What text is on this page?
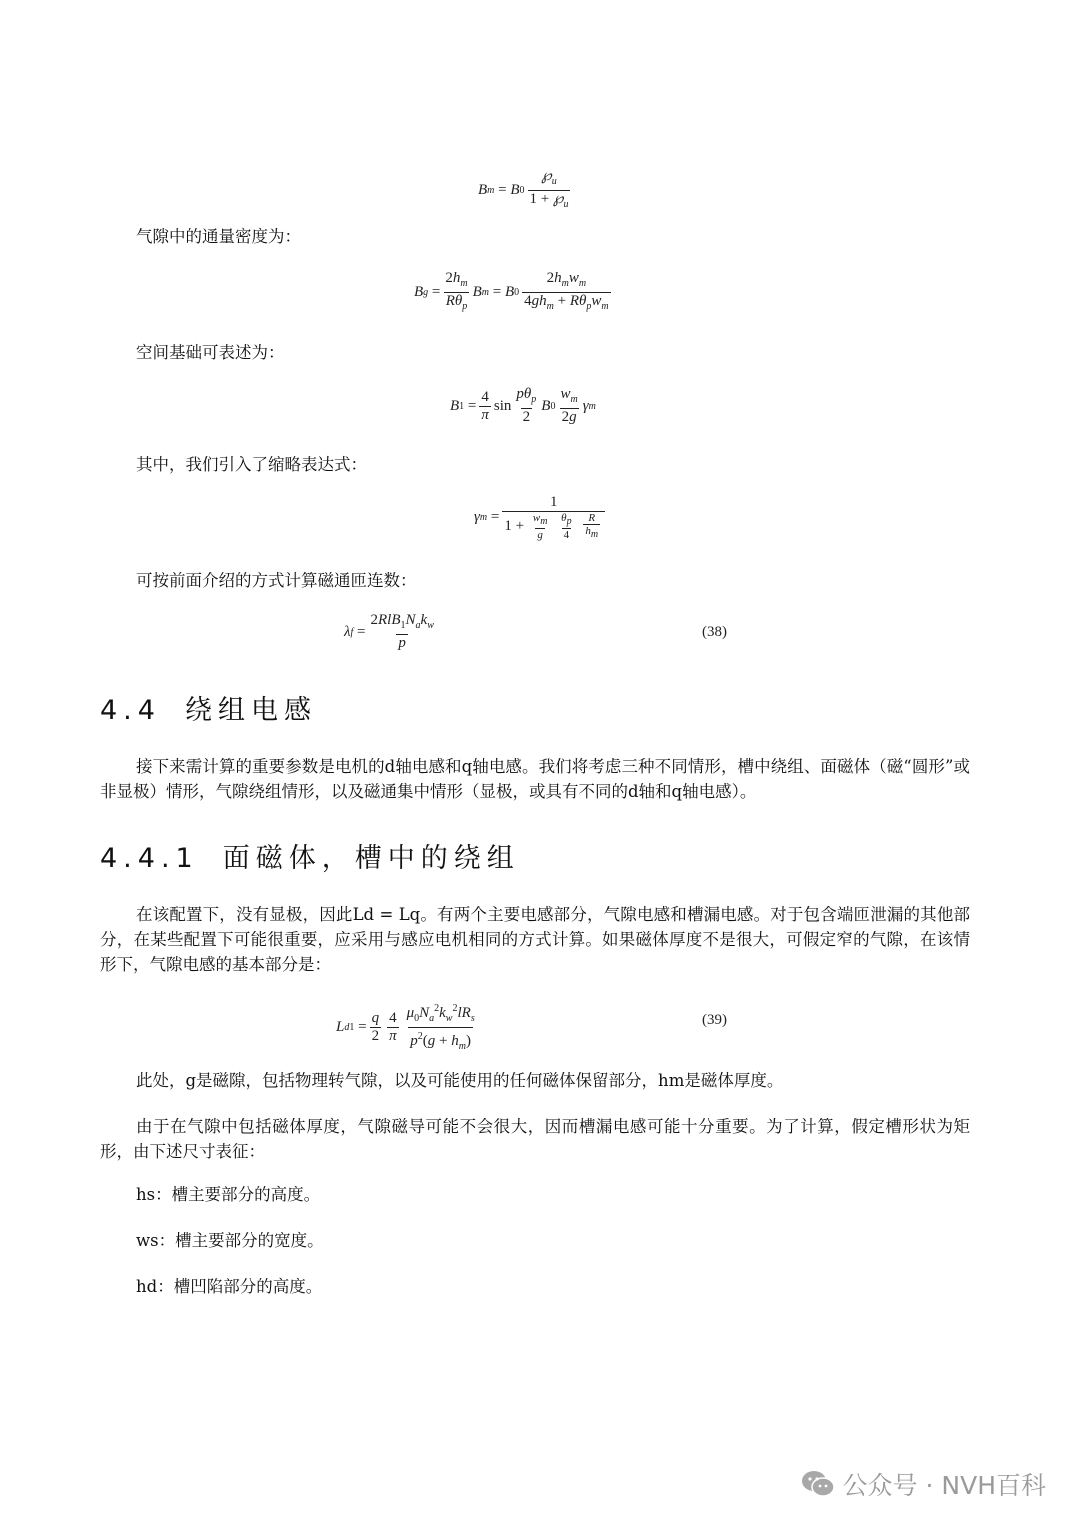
B m
= B $0 \frac{℘_u}{1 + ℘_u}$

气隙中的通量密度为：

B g
= $\frac{2h_m}{R\theta_p}$ B m
= B $0 \frac{2h_mw_m}{4gh_m + R\theta_pw_m}$

空间基础可表述为：

B 1
= $\frac{4}{\pi}$ $\sin \frac{p\theta_p}{2}$ B $0 \frac{w_m}{2g}$ γ m

其中，我们引入了缩略表达式：

γ m
= 1
$1 + \frac{w_m}{g}$
$\frac{\theta_p}{4}$
$\frac{R}{h_m}$

可按前面介绍的方式计算磁通匝连数：

λ f
= $\frac{2RlB_1N_ak_w}{p}$	(38)
4.4 绕组电感

接下来需计算的重要参数是电机的d轴电感和q轴电感。我们将考虑三种不同情形，槽中绕组、面磁体（磁“圆形”或非显极）情形，气隙绕组情形，以及磁通集中情形（显极，或具有不同的d轴和q轴电感）。

4.4.1 面磁体，槽中的绕组

在该配置下，没有显极，因此Ld = Lq。有两个主要电感部分，气隙电感和槽漏电感。对于包含端匝泄漏的其他部分，在某些配置下可能很重要，应采用与感应电机相同的方式计算。如果磁体厚度不是很大，可假定窄的气隙，在该情形下，气隙电感的基本部分是：

L d1
= $\frac{q}{2} \frac{4}{\pi} \frac{\mu_0N_a^2k_w^2lR_s}{p^2(g + h_m)}$	(39)

此处，g是磁隙，包括物理转气隙，以及可能使用的任何磁体保留部分，hm是磁体厚度。

由于在气隙中包括磁体厚度，气隙磁导可能不会很大，因而槽漏电感可能十分重要。为了计算，假定槽形状为矩形，由下述尺寸表征：

hs：槽主要部分的高度。

ws：槽主要部分的宽度。

hd：槽凹陷部分的高度。

公众号 · NVH百科
